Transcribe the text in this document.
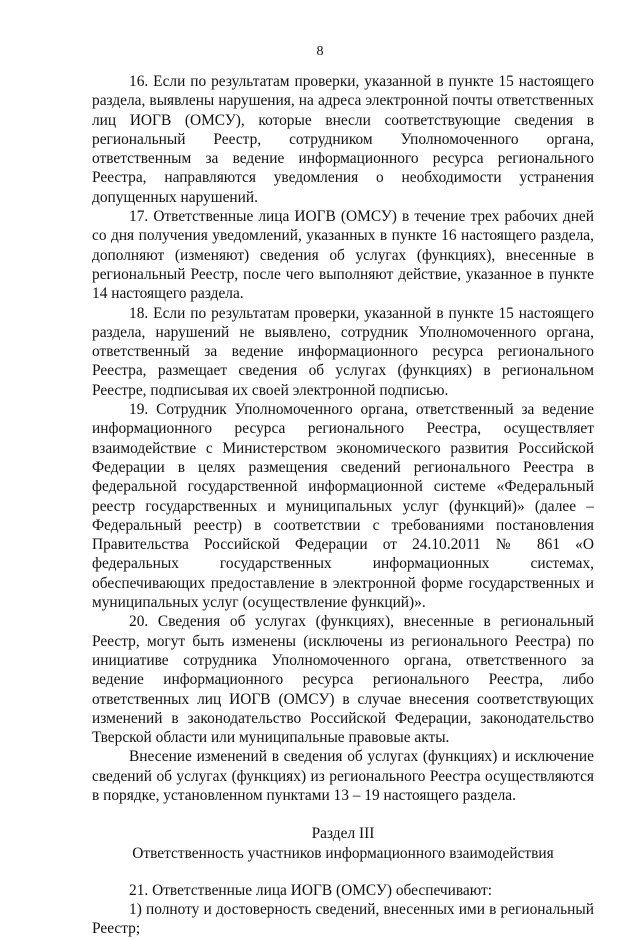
8

16. Если по результатам проверки, указанной в пункте 15 настоящего раздела, выявлены нарушения, на адреса электронной почты ответственных лиц ИОГВ (ОМСУ), которые внесли соответствующие сведения в региональный Реестр, сотрудником Уполномоченного органа, ответственным за ведение информационного ресурса регионального Реестра, направляются уведомления о необходимости устранения допущенных нарушений.

17. Ответственные лица ИОГВ (ОМСУ) в течение трех рабочих дней со дня получения уведомлений, указанных в пункте 16 настоящего раздела, дополняют (изменяют) сведения об услугах (функциях), внесенные в региональный Реестр, после чего выполняют действие, указанное в пункте 14 настоящего раздела.

18. Если по результатам проверки, указанной в пункте 15 настоящего раздела, нарушений не выявлено, сотрудник Уполномоченного органа, ответственный за ведение информационного ресурса регионального Реестра, размещает сведения об услугах (функциях) в региональном Реестре, подписывая их своей электронной подписью.

19. Сотрудник Уполномоченного органа, ответственный за ведение информационного ресурса регионального Реестра, осуществляет взаимодействие с Министерством экономического развития Российской Федерации в целях размещения сведений регионального Реестра в федеральной государственной информационной системе «Федеральный реестр государственных и муниципальных услуг (функций)» (далее – Федеральный реестр) в соответствии с требованиями постановления Правительства Российской Федерации от 24.10.2011 № 861 «О федеральных государственных информационных системах, обеспечивающих предоставление в электронной форме государственных и муниципальных услуг (осуществление функций)».

20. Сведения об услугах (функциях), внесенные в региональный Реестр, могут быть изменены (исключены из регионального Реестра) по инициативе сотрудника Уполномоченного органа, ответственного за ведение информационного ресурса регионального Реестра, либо ответственных лиц ИОГВ (ОМСУ) в случае внесения соответствующих изменений в законодательство Российской Федерации, законодательство Тверской области или муниципальные правовые акты.

Внесение изменений в сведения об услугах (функциях) и исключение сведений об услугах (функциях) из регионального Реестра осуществляются в порядке, установленном пунктами 13 – 19 настоящего раздела.

Раздел III

Ответственность участников информационного взаимодействия

21. Ответственные лица ИОГВ (ОМСУ) обеспечивают:

1) полноту и достоверность сведений, внесенных ими в региональный Реестр;
